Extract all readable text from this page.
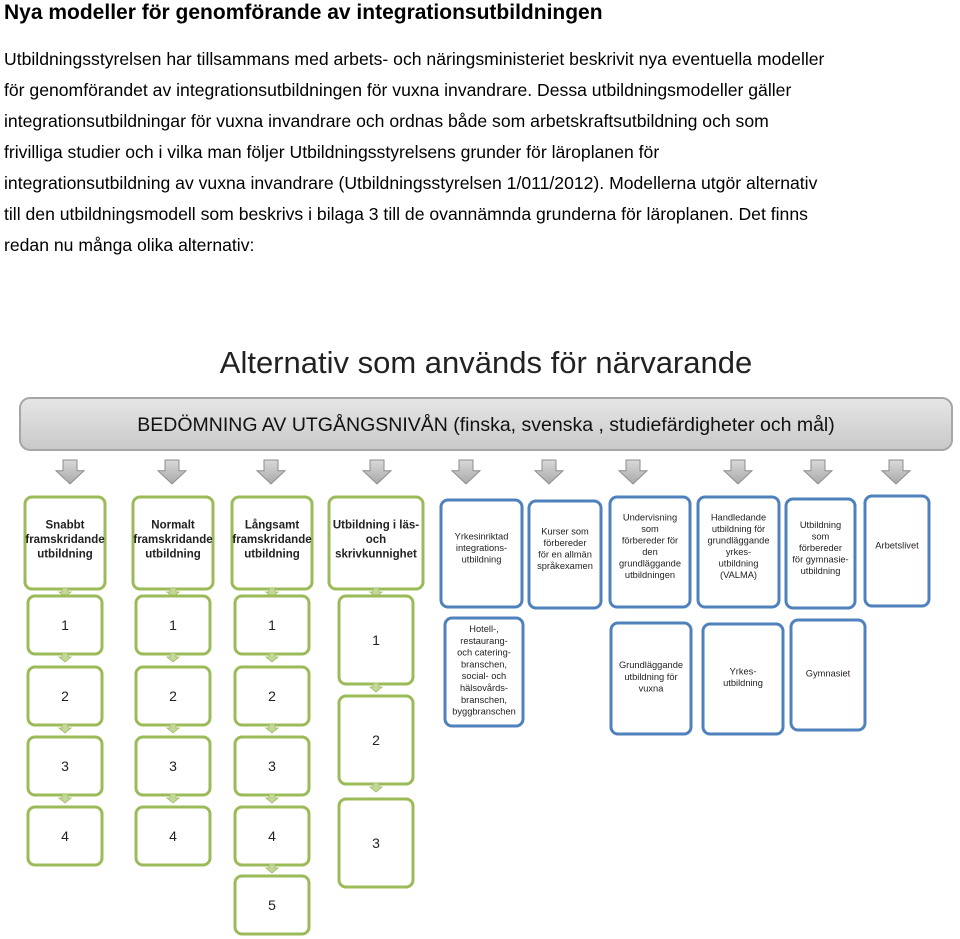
Nya modeller för genomförande av integrationsutbildningen
Utbildningsstyrelsen har tillsammans med arbets- och näringsministeriet beskrivit nya eventuella modeller
för genomförandet av integrationsutbildningen för vuxna invandrare. Dessa utbildningsmodeller gäller
integrationsutbildningar för vuxna invandrare och ordnas både som arbetskraftsutbildning och som
frivilliga studier och i vilka man följer Utbildningsstyrelsens grunder för läroplanen för
integrationsutbildning av vuxna invandrare (Utbildningsstyrelsen 1/011/2012). Modellerna utgör alternativ
till den utbildningsmodell som beskrivs i bilaga 3 till de ovannämnda grunderna för läroplanen. Det finns
redan nu många olika alternativ:
Alternativ som används för närvarande
BEDÖMNING AV UTGÅNGSNIVÅN (finska, svenska , studiefärdigheter och mål)
Snabbt framskridande utbildning
1
2
3
4
Normalt framskridande utbildning
1
2
3
4
Långsamt framskridande utbildning
1
2
3
4
5
Utbildning i läs-och skrivkunnighet
1
2
3
Yrkesinriktad integrations-utbildning
Kurser som förbereder för en allmän språkexamen
Undervisning som förbereder för den grundläggande utbildningen
Handledande utbildning för grundläggande yrkes-utbildning (VALMA)
Utbildning som förbereder för gymnasie-utbildning
Arbetslivet
Hotell-, restaurang-och catering-branschen, social- och hälsovårds-branschen, byggbranschen
Grundläggande utbildning för vuxna
Yrkes-utbildning
Gymnasiet
